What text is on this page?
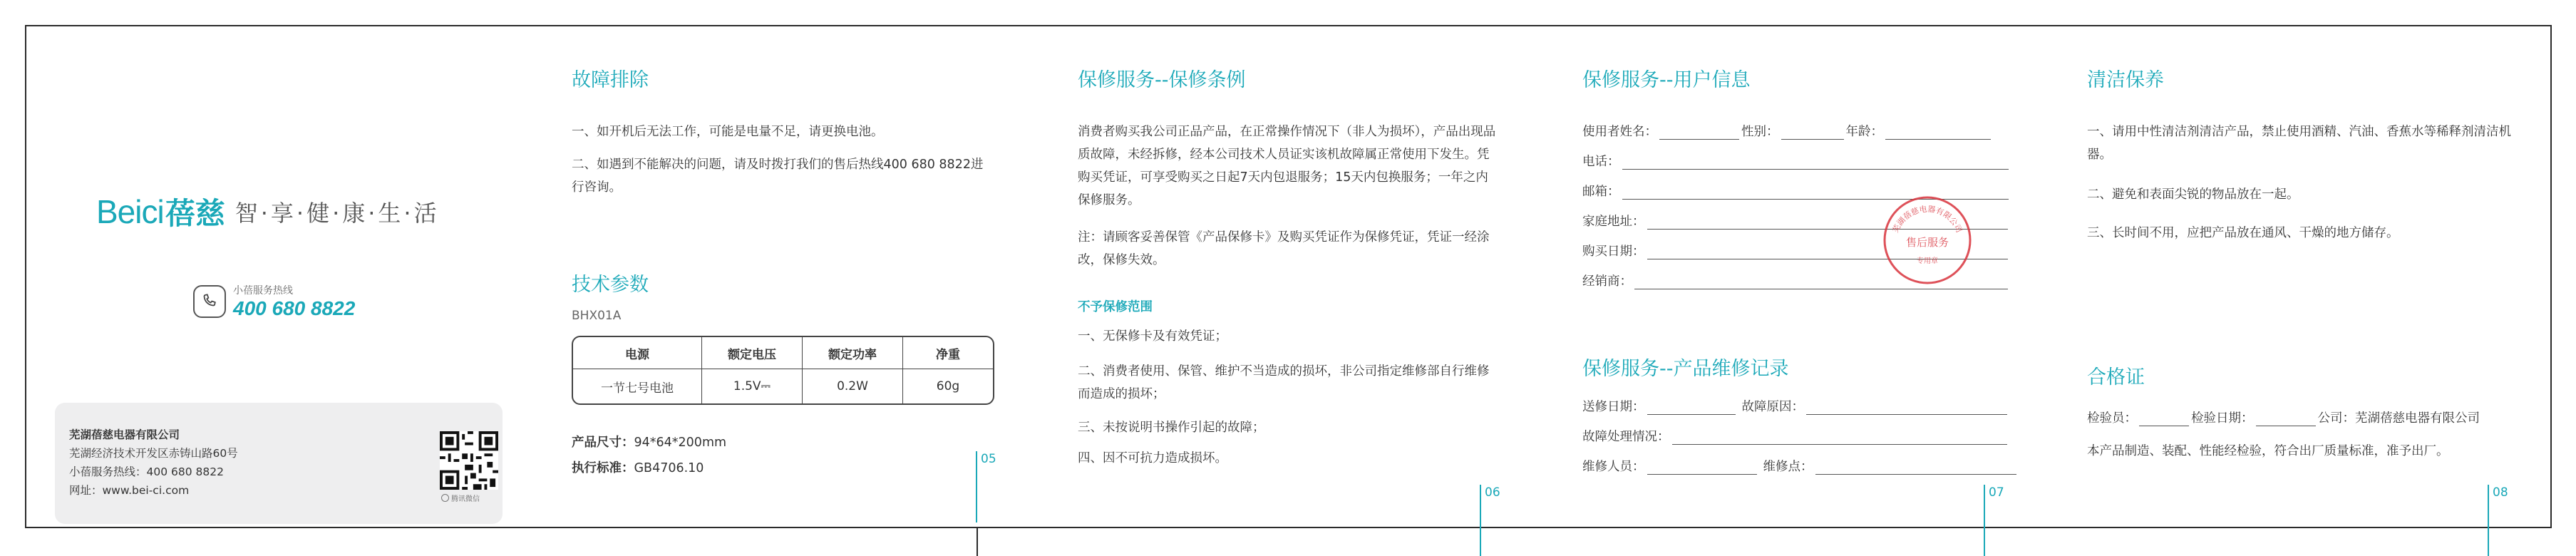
Beici 蓓慈 智·享·健·康·生·活
小蓓服务热线
400 680 8822
芜湖蓓慈电器有限公司
芜湖经济技术开发区赤铸山路60号
小蓓服务热线：400 680 8822
网址：www.bei-ci.com
腾讯微信
故障排除

一、如开机后无法工作，可能是电量不足，请更换电池。

二、如遇到不能解决的问题，请及时拨打我们的售后热线400 680 8822进行咨询。

技术参数
BHX01A
电源	额定电压	额定功率	净重
一节七号电池	1.5V⎓	0.2W	60g
产品尺寸：94*64*200mm
执行标准：GB4706.10
05
保修服务--保修条例

消费者购买我公司正品产品，在正常操作情况下（非人为损坏），产品出现品质故障，未经拆修，经本公司技术人员证实该机故障属正常使用下发生。凭购买凭证，可享受购买之日起7天内包退服务；15天内包换服务；一年之内保修服务。

注：请顾客妥善保管《产品保修卡》及购买凭证作为保修凭证，凭证一经涂改，保修失效。

不予保修范围

一、无保修卡及有效凭证；

二、消费者使用、保管、维护不当造成的损坏，非公司指定维修部自行维修而造成的损坏；

三、未按说明书操作引起的故障；

四、因不可抗力造成损坏。

06
保修服务--用户信息
使用者姓名：	性别：	年龄：
电话：
邮箱：
家庭地址：
购买日期：
经销商：
芜湖蓓慈电器有限公司
售后服务
专用章
保修服务--产品维修记录
送修日期：	故障原因：
故障处理情况：
维修人员：	维修点：
07
清洁保养

一、请用中性清洁剂清洁产品，禁止使用酒精、汽油、香蕉水等稀释剂清洁机器。

二、避免和表面尖锐的物品放在一起。

三、长时间不用，应把产品放在通风、干燥的地方储存。

合格证
检验员：	检验日期：	公司：芜湖蓓慈电器有限公司

本产品制造、装配、性能经检验，符合出厂质量标准，准予出厂。

08
